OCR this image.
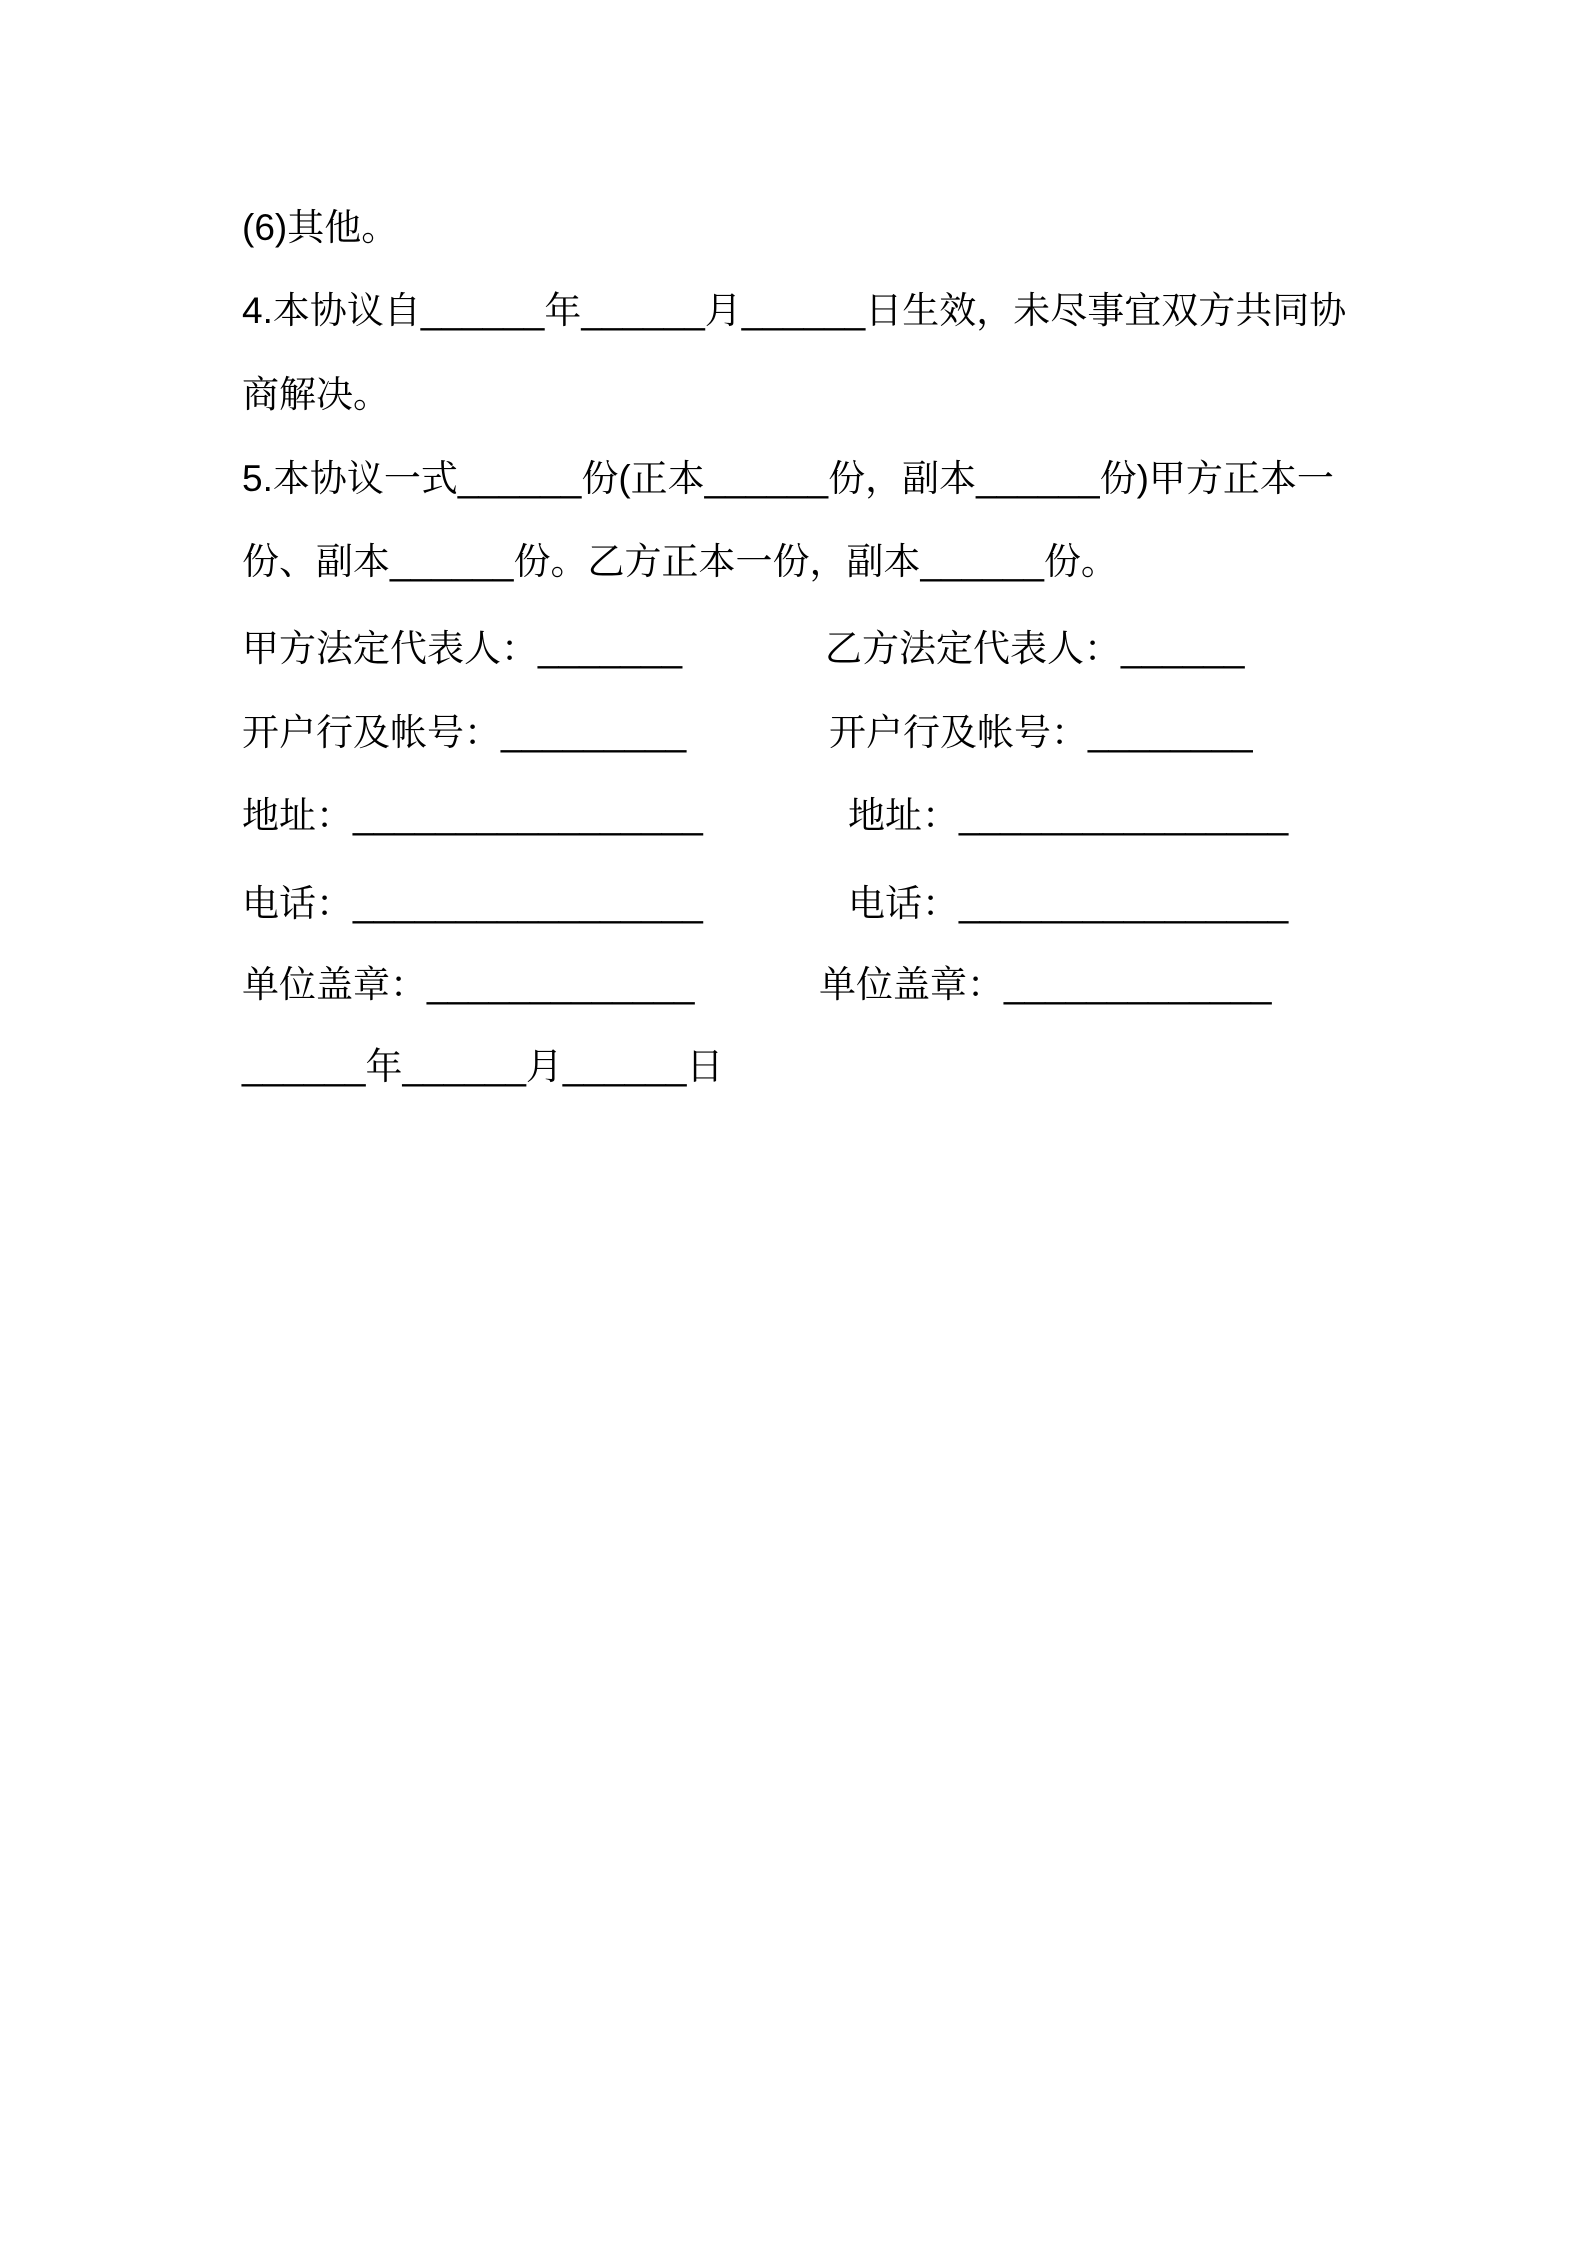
(6)其他。
4.本协议自______年______月______日生效，未尽事宜双方共同协
商解决。
5.本协议一式______份(正本______份，副本______份)甲方正本一
份、副本______份。乙方正本一份，副本______份。
甲方法定代表人：_______	乙方法定代表人：______
开户行及帐号：_________	开户行及帐号：________
地址：_________________	地址：________________
电话：_________________	电话：________________
单位盖章：_____________	单位盖章：_____________
______年______月______日
